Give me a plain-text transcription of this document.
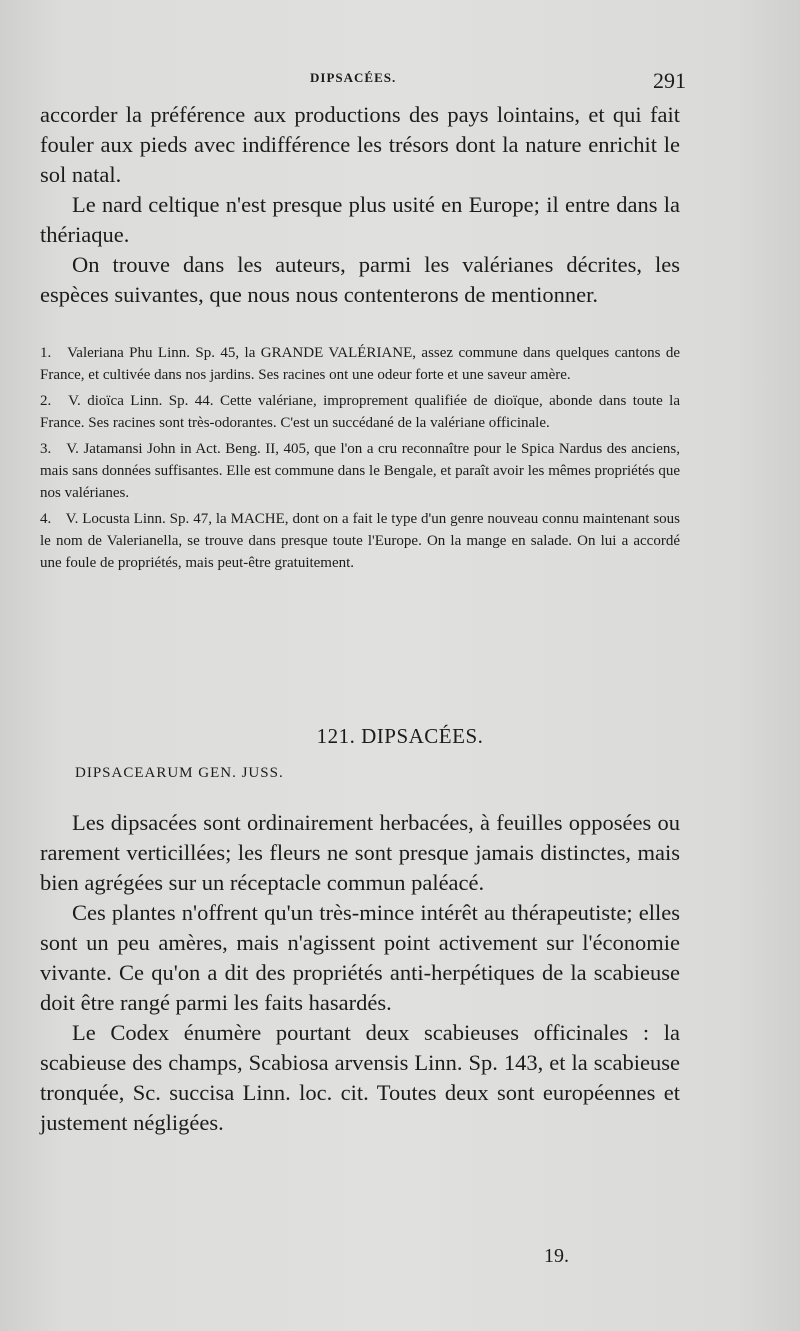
DIPSACÉES.	291

accorder la préférence aux productions des pays lointains, et qui fait fouler aux pieds avec indifférence les trésors dont la nature enrichit le sol natal.

Le nard celtique n'est presque plus usité en Europe; il entre dans la thériaque.

On trouve dans les auteurs, parmi les valérianes décrites, les espèces suivantes, que nous nous contenterons de mentionner.

1. Valeriana Phu Linn. Sp. 45, la GRANDE VALÉRIANE, assez commune dans quelques cantons de France, et cultivée dans nos jardins. Ses racines ont une odeur forte et une saveur amère.

2. V. dioïca Linn. Sp. 44. Cette valériane, improprement qualifiée de dioïque, abonde dans toute la France. Ses racines sont très-odorantes. C'est un succédané de la valériane officinale.

3. V. Jatamansi John in Act. Beng. II, 405, que l'on a cru reconnaître pour le Spica Nardus des anciens, mais sans données suffisantes. Elle est commune dans le Bengale, et paraît avoir les mêmes propriétés que nos valérianes.

4. V. Locusta Linn. Sp. 47, la MACHE, dont on a fait le type d'un genre nouveau connu maintenant sous le nom de Valerianella, se trouve dans presque toute l'Europe. On la mange en salade. On lui a accordé une foule de propriétés, mais peut-être gratuitement.

121. DIPSACÉES.
DIPSACEARUM GEN. JUSS.

Les dipsacées sont ordinairement herbacées, à feuilles opposées ou rarement verticillées; les fleurs ne sont presque jamais distinctes, mais bien agrégées sur un réceptacle commun paléacé.

Ces plantes n'offrent qu'un très-mince intérêt au thérapeutiste; elles sont un peu amères, mais n'agissent point activement sur l'économie vivante. Ce qu'on a dit des propriétés anti-herpétiques de la scabieuse doit être rangé parmi les faits hasardés.

Le Codex énumère pourtant deux scabieuses officinales : la scabieuse des champs, Scabiosa arvensis Linn. Sp. 143, et la scabieuse tronquée, Sc. succisa Linn. loc. cit. Toutes deux sont européennes et justement négligées.

19.
